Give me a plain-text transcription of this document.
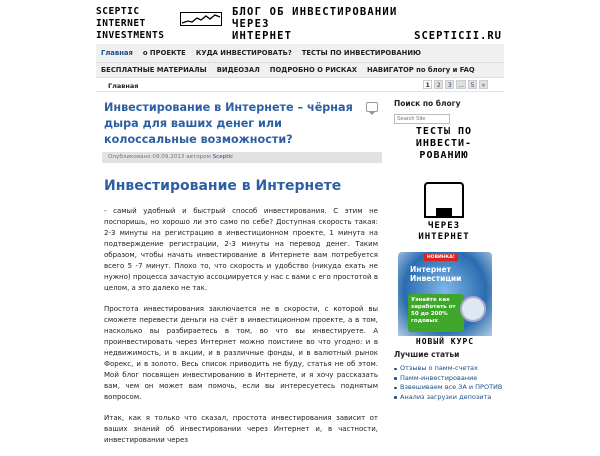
SCEPTIC
INTERNET
INVESTMENTS
БЛОГ ОБ ИНВЕСТИРОВАНИИ
ЧЕРЕЗ
ИНТЕРНЕТ	SCEPTICII.RU
Главная	о ПРОЕКТЕ	КУДА ИНВЕСТИРОВАТЬ?	ТЕСТЫ ПО ИНВЕСТИРОВАНИЮ
БЕСПЛАТНЫЕ МАТЕРИАЛЫ	ВИДЕОЗАЛ	ПОДРОБНО О РИСКАХ	НАВИГАТОР по блогу и FAQ
Главная	1	2	3	...	5	»
Инвестирование в Интернете – чёрная дыра для ваших денег или колоссальные возможности?
Опубликовано 09.09.2013 автором Sceptic
Инвестирование в Интернете

- самый удобный и быстрый способ инвестирования. С этим не поспоришь, но хорошо ли это само по себе? Доступная скорость такая: 2-3 минуты на регистрацию в инвестиционном проекте, 1 минута на подтверждение регистрации, 2-3 минуты на перевод денег. Таким образом, чтобы начать инвестирование в Интернете вам потребуется всего 5 -7 минут. Плохо то, что скорость и удобство (никуда ехать не нужно) процесса зачастую ассоциируется у нас с вами с его простотой в целом, а это далеко не так.

Простота инвестирования заключается не в скорости, с которой вы сможете перевести деньги на счёт в инвестиционном проекте, а в том, насколько вы разбираетесь в том, во что вы инвестируете. А проинвестировать через Интернет можно поистине во что угодно: и в недвижимость, и в акции, и в различные фонды, и в валютный рынок Форекс, и в золото. Весь список приводить не буду, статья не об этом. Мой блог посвящен инвестированию в Интернете, и я хочу рассказать вам, чем он может вам помочь, если вы интересуетесь поднятым вопросом.

Итак, как я только что сказал, простота инвестирования зависит от ваших знаний об инвестировании через Интернет и, в частности, инвестировании через

Поиск по блогу
Search Site
ТЕСТЫ ПО
ИНВЕСТИ-
РОВАНИЮ
ЧЕРЕЗ
ИНТЕРНЕТ
НОВИНКА!
Интернет Инвестиции
Узнайте как заработать от 50 до 200% годовых
НОВЫЙ КУРС
Лучшие статьи
Отзывы о памм-счетах
Памм-инвестирование
Взвешиваем все ЗА и ПРОТИВ
Анализ загрузки депозита
